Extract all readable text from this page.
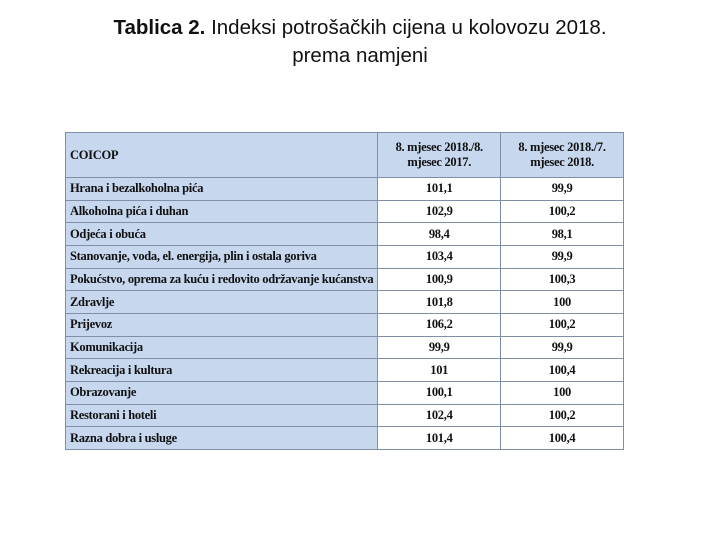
Tablica 2. Indeksi potrošačkih cijena u kolovozu 2018.
prema namjeni
COICOP	8. mjesec 2018./8. mjesec 2017.	8. mjesec 2018./7. mjesec 2018.
Hrana i bezalkoholna pića	101,1	99,9
Alkoholna pića i duhan	102,9	100,2
Odjeća i obuća	98,4	98,1
Stanovanje, voda, el. energija, plin i ostala goriva	103,4	99,9
Pokućstvo, oprema za kuću i redovito održavanje kućanstva	100,9	100,3
Zdravlje	101,8	100
Prijevoz	106,2	100,2
Komunikacija	99,9	99,9
Rekreacija i kultura	101	100,4
Obrazovanje	100,1	100
Restorani i hoteli	102,4	100,2
Razna dobra i usluge	101,4	100,4
